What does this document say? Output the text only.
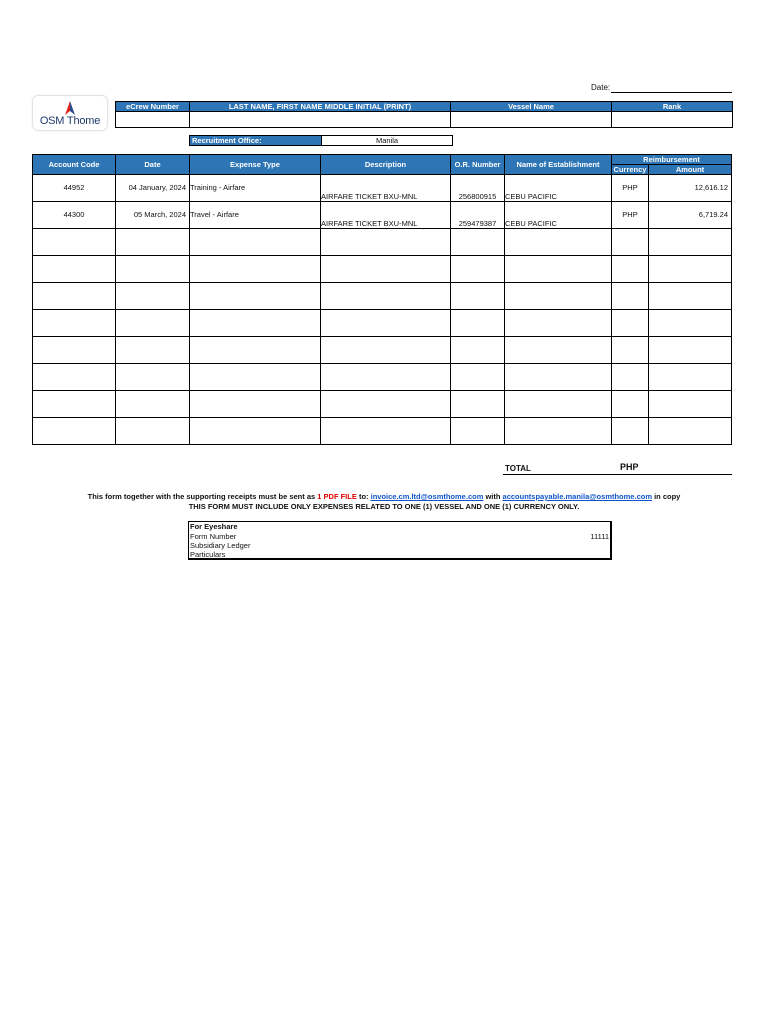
Date:
OSM Thome
eCrew Number	LAST NAME, FIRST NAME MIDDLE INITIAL (PRINT)	Vessel Name	Rank

Recruitment Office:	Manila
Account Code	Date	Expense Type	Description	O.R. Number	Name of Establishment	Reimbursement	
						Currency	Amount

44952	04 January, 2024	Training - Airfare	AIRFARE TICKET BXU-MNL	256800915	CEBU PACIFIC	PHP	12,616.12

44300	05 March, 2024	Travel - Airfare	AIRFARE TICKET BXU-MNL	259479387	CEBU PACIFIC	PHP	6,719.24

TOTAL	PHP
This form together with the supporting receipts must be sent as 1 PDF FILE to: invoice.cm.ltd@osmthome.com with accountspayable.manila@osmthome.com in copy
THIS FORM MUST INCLUDE ONLY EXPENSES RELATED TO ONE (1) VESSEL AND ONE (1) CURRENCY ONLY.
For Eyeshare
Form Number	11111
Subsidiary Ledger
Particulars
